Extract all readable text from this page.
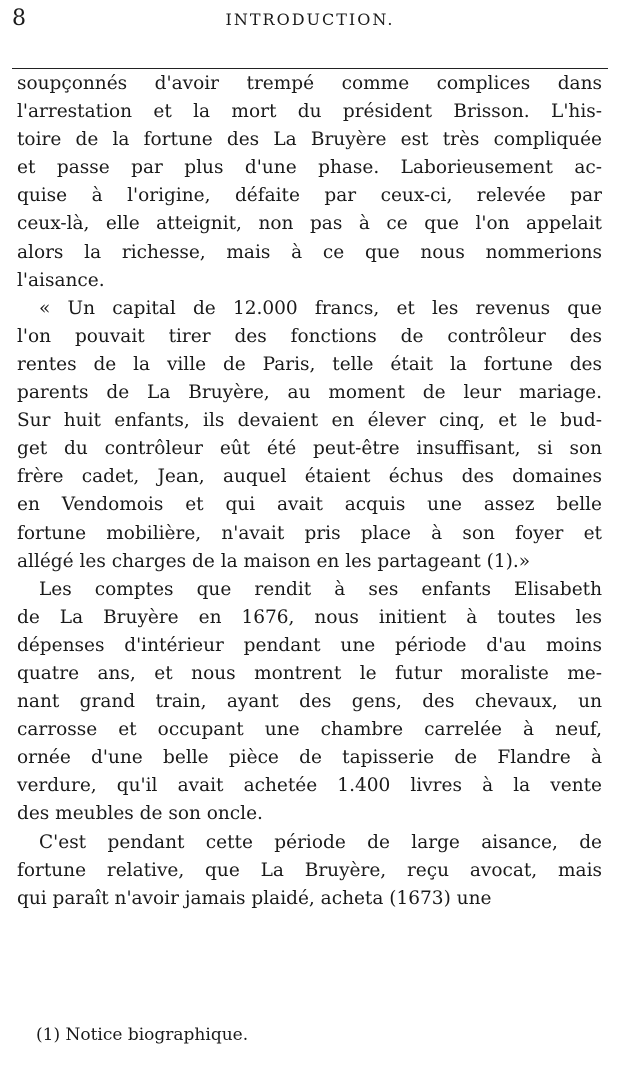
8	INTRODUCTION.

soupçonnés d'avoir trempé comme complices dans
l'arrestation et la mort du président Brisson. L'his-
toire de la fortune des La Bruyère est très compliquée
et passe par plus d'une phase. Laborieusement ac-
quise à l'origine, défaite par ceux-ci, relevée par
ceux-là, elle atteignit, non pas à ce que l'on appelait
alors la richesse, mais à ce que nous nommerions
l'aisance.

« Un capital de 12.000 francs, et les revenus que
l'on pouvait tirer des fonctions de contrôleur des
rentes de la ville de Paris, telle était la fortune des
parents de La Bruyère, au moment de leur mariage.
Sur huit enfants, ils devaient en élever cinq, et le bud-
get du contrôleur eût été peut-être insuffisant, si son
frère cadet, Jean, auquel étaient échus des domaines
en Vendomois et qui avait acquis une assez belle
fortune mobilière, n'avait pris place à son foyer et
allégé les charges de la maison en les partageant (1).»

Les comptes que rendit à ses enfants Elisabeth
de La Bruyère en 1676, nous initient à toutes les
dépenses d'intérieur pendant une période d'au moins
quatre ans, et nous montrent le futur moraliste me-
nant grand train, ayant des gens, des chevaux, un
carrosse et occupant une chambre carrelée à neuf,
ornée d'une belle pièce de tapisserie de Flandre à
verdure, qu'il avait achetée 1.400 livres à la vente
des meubles de son oncle.

C'est pendant cette période de large aisance, de
fortune relative, que La Bruyère, reçu avocat, mais
qui paraît n'avoir jamais plaidé, acheta (1673) une

(1) Notice biographique.
